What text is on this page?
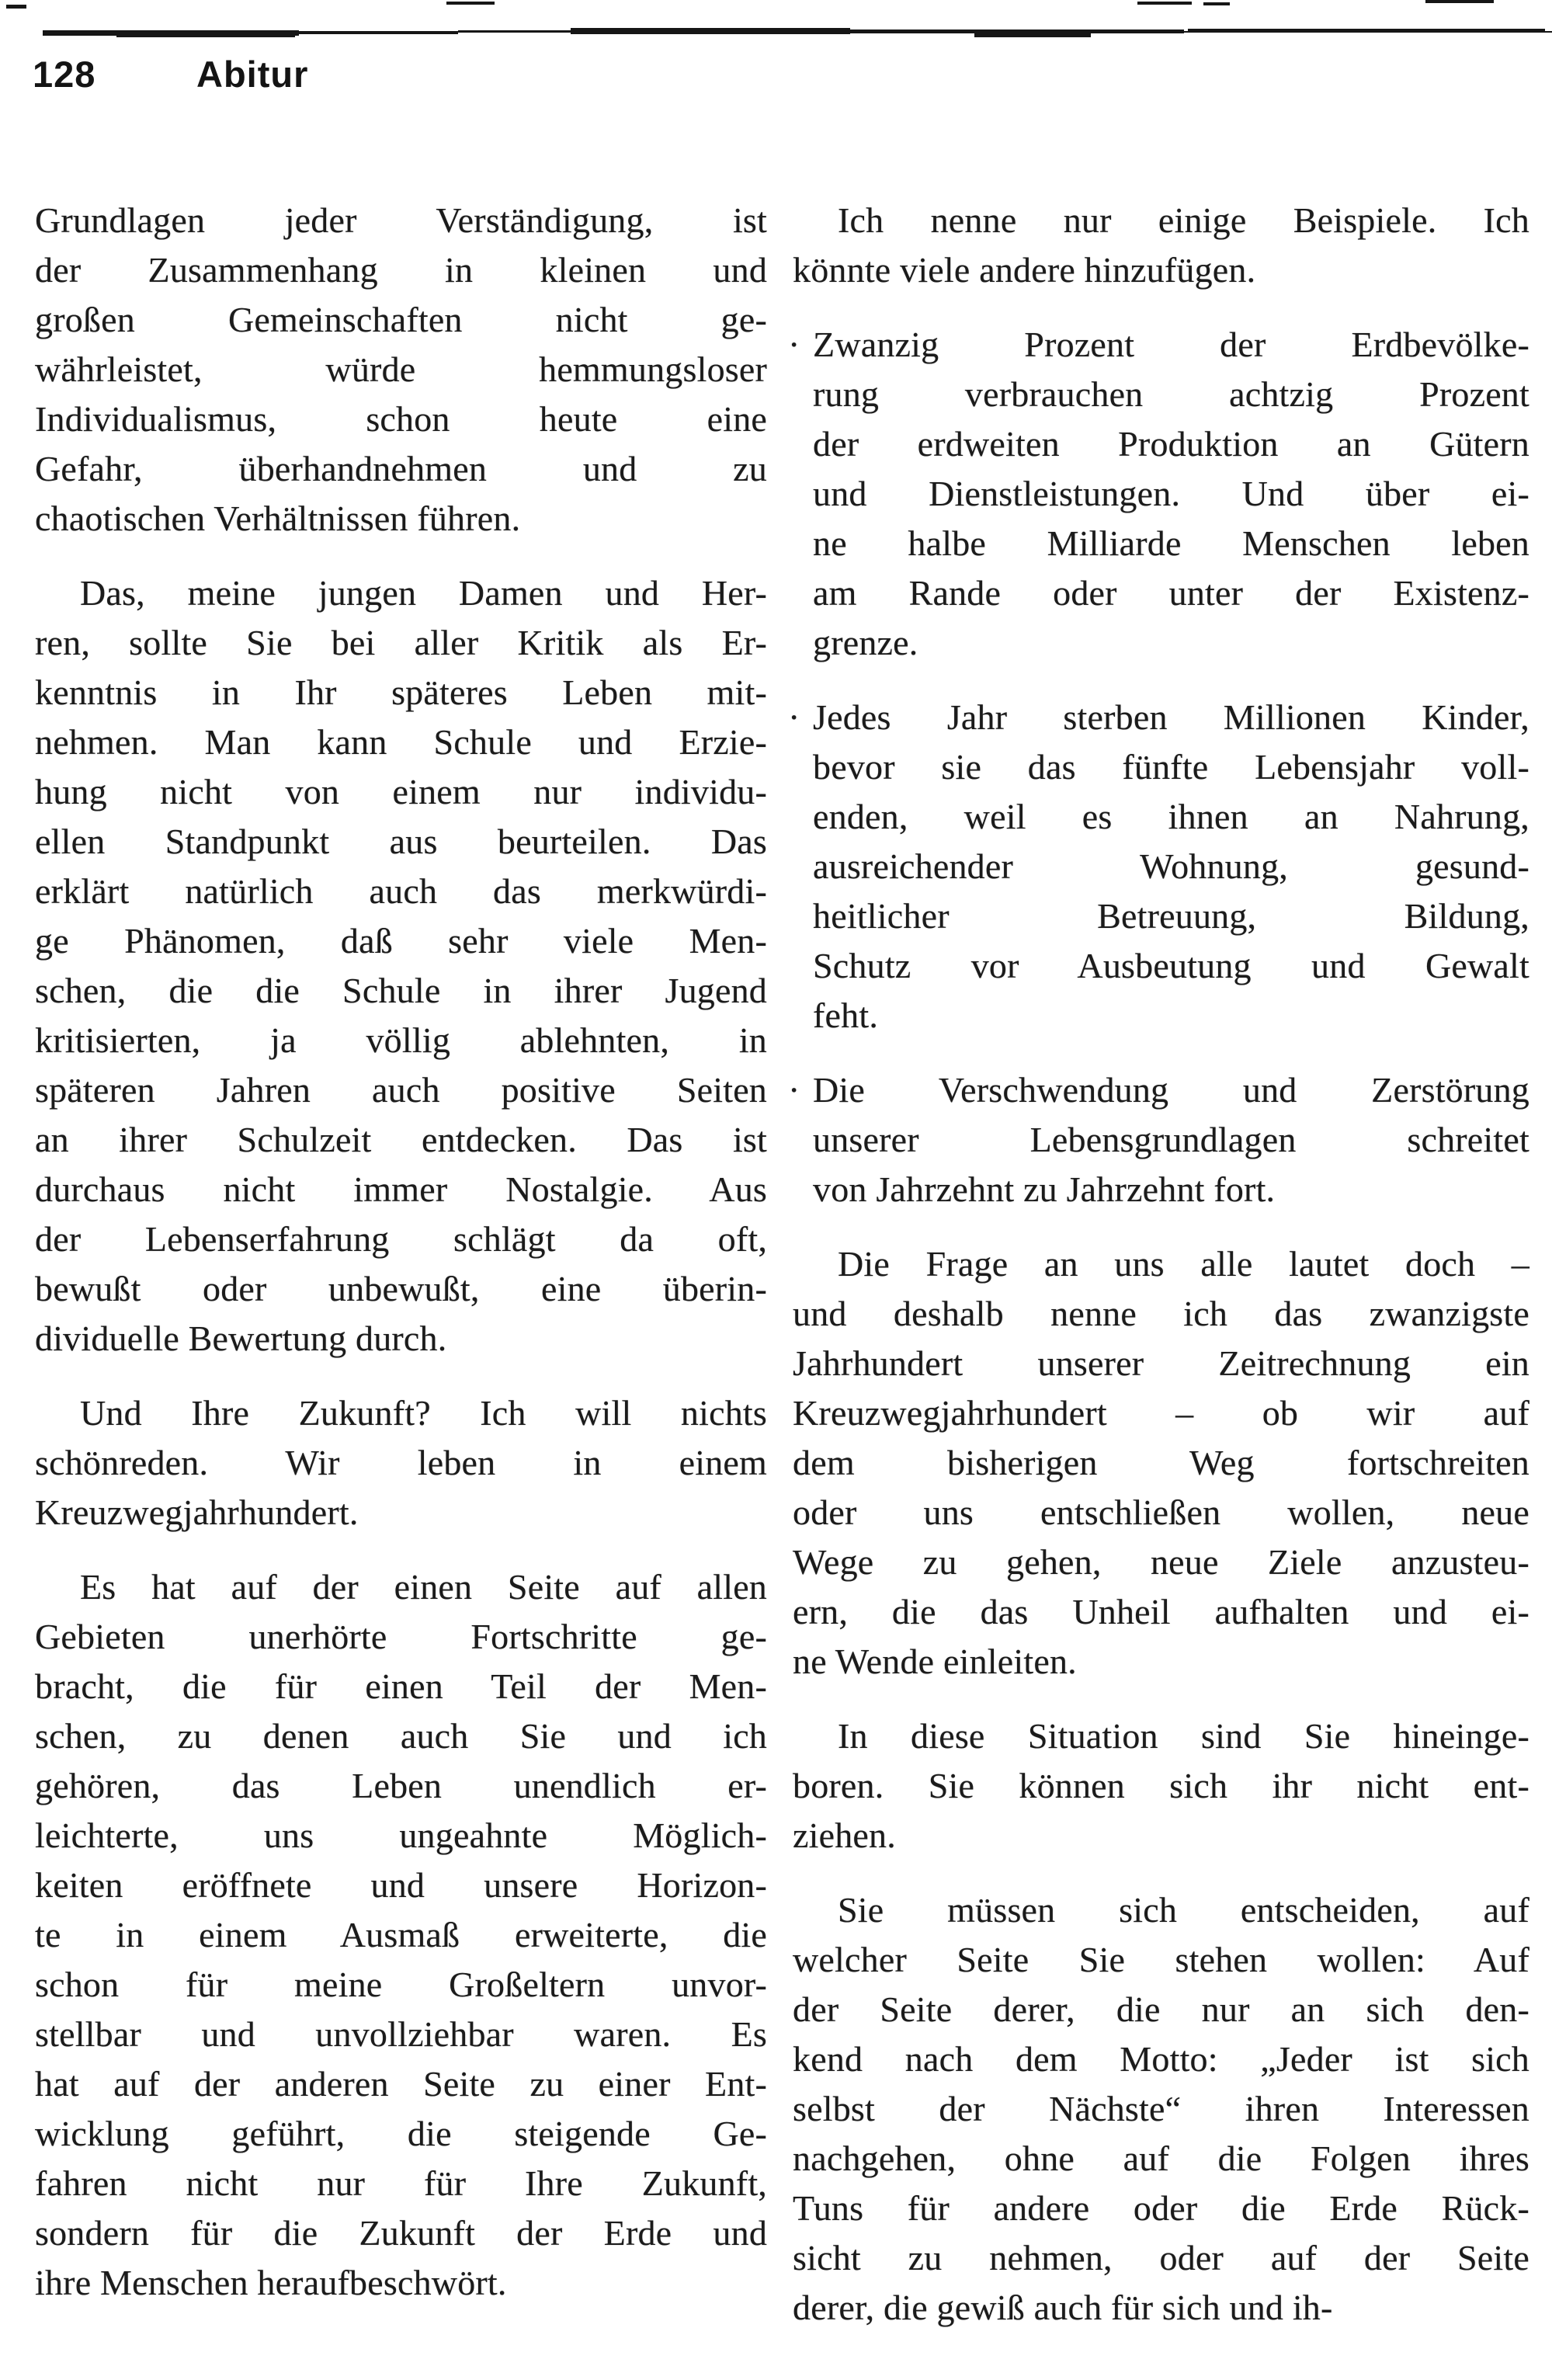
128	Abitur
Grundlagen jeder Verständigung, ist
der Zusammenhang in kleinen und
großen Gemeinschaften nicht ge-
währleistet, würde hemmungsloser
Individualismus, schon heute eine
Gefahr, überhandnehmen und zu
chaotischen Verhältnissen führen.
Das, meine jungen Damen und Her-
ren, sollte Sie bei aller Kritik als Er-
kenntnis in Ihr späteres Leben mit-
nehmen. Man kann Schule und Erzie-
hung nicht von einem nur individu-
ellen Standpunkt aus beurteilen. Das
erklärt natürlich auch das merkwürdi-
ge Phänomen, daß sehr viele Men-
schen, die die Schule in ihrer Jugend
kritisierten, ja völlig ablehnten, in
späteren Jahren auch positive Seiten
an ihrer Schulzeit entdecken. Das ist
durchaus nicht immer Nostalgie. Aus
der Lebenserfahrung schlägt da oft,
bewußt oder unbewußt, eine überin-
dividuelle Bewertung durch.
Und Ihre Zukunft? Ich will nichts
schönreden. Wir leben in einem
Kreuzwegjahrhundert.
Es hat auf der einen Seite auf allen
Gebieten unerhörte Fortschritte ge-
bracht, die für einen Teil der Men-
schen, zu denen auch Sie und ich
gehören, das Leben unendlich er-
leichterte, uns ungeahnte Möglich-
keiten eröffnete und unsere Horizon-
te in einem Ausmaß erweiterte, die
schon für meine Großeltern unvor-
stellbar und unvollziehbar waren. Es
hat auf der anderen Seite zu einer Ent-
wicklung geführt, die steigende Ge-
fahren nicht nur für Ihre Zukunft,
sondern für die Zukunft der Erde und
ihre Menschen heraufbeschwört.
Ich nenne nur einige Beispiele. Ich
könnte viele andere hinzufügen.
· Zwanzig Prozent der Erdbevölke-
rung verbrauchen achtzig Prozent
der erdweiten Produktion an Gütern
und Dienstleistungen. Und über ei-
ne halbe Milliarde Menschen leben
am Rande oder unter der Existenz-
grenze.
· Jedes Jahr sterben Millionen Kinder,
bevor sie das fünfte Lebensjahr voll-
enden, weil es ihnen an Nahrung,
ausreichender Wohnung, gesund-
heitlicher Betreuung, Bildung,
Schutz vor Ausbeutung und Gewalt
feht.
· Die Verschwendung und Zerstörung
unserer Lebensgrundlagen schreitet
von Jahrzehnt zu Jahrzehnt fort.
Die Frage an uns alle lautet doch –
und deshalb nenne ich das zwanzigste
Jahrhundert unserer Zeitrechnung ein
Kreuzwegjahrhundert – ob wir auf
dem bisherigen Weg fortschreiten
oder uns entschließen wollen, neue
Wege zu gehen, neue Ziele anzusteu-
ern, die das Unheil aufhalten und ei-
ne Wende einleiten.
In diese Situation sind Sie hineinge-
boren. Sie können sich ihr nicht ent-
ziehen.
Sie müssen sich entscheiden, auf
welcher Seite Sie stehen wollen: Auf
der Seite derer, die nur an sich den-
kend nach dem Motto: „Jeder ist sich
selbst der Nächste“ ihren Interessen
nachgehen, ohne auf die Folgen ihres
Tuns für andere oder die Erde Rück-
sicht zu nehmen, oder auf der Seite
derer, die gewiß auch für sich und ih-
